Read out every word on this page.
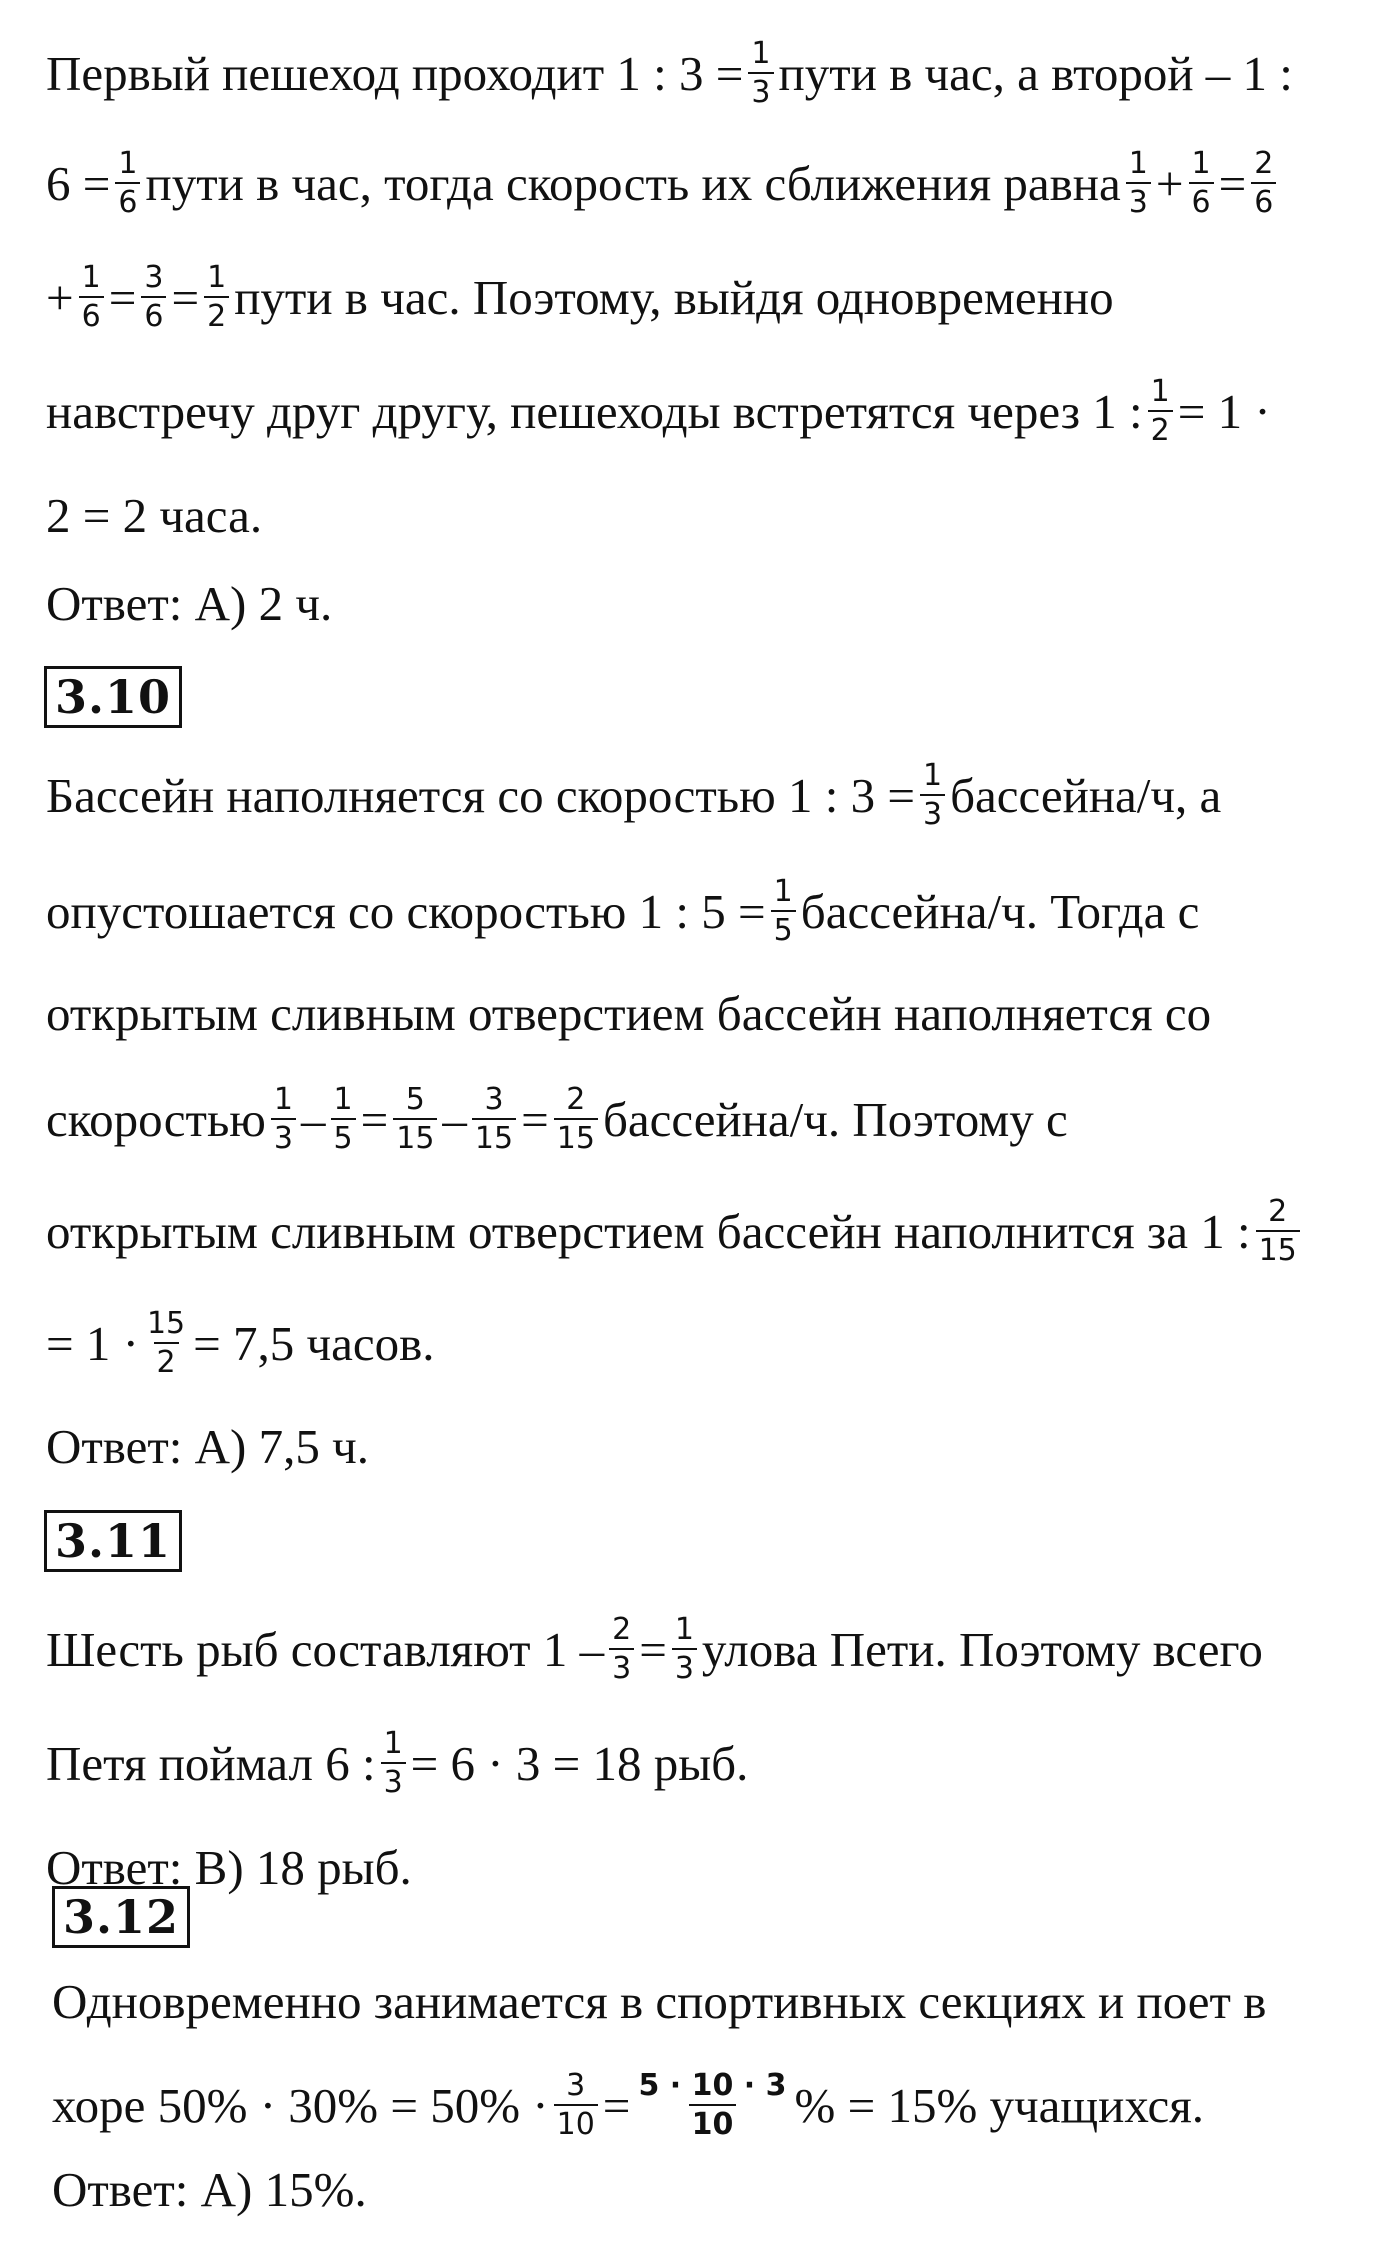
Первый пешеход проходит 1 : $3 = \frac{1}{3}$ пути в час, а второй – 1 :
$6 = \frac{1}{6}$ пути в час, тогда скорость их сближения равна $\frac{1}{3} + \frac{1}{6} = \frac{2}{6}$
+ $\frac{1}{6} = \frac{3}{6} = \frac{1}{2}$ пути в час. Поэтому, выйдя одновременно
навстречу друг другу, пешеходы встретятся через 1 : $\frac{1}{2} = 1$ ·
2 = 2 часа.
Ответ: А) 2 ч.
3.10
Бассейн наполняется со скоростью 1 : $3 = \frac{1}{3}$ бассейна/ч, а
опустошается со скоростью 1 : $5 = \frac{1}{5}$ бассейна/ч. Тогда с
открытым сливным отверстием бассейн наполняется со
скоростью $\frac{1}{3} - \frac{1}{5} = \frac{5}{15} - \frac{3}{15} = \frac{2}{15}$ бассейна/ч. Поэтому с
открытым сливным отверстием бассейн наполнится за 1 : $\frac{2}{15}$
= $1 \cdot \frac{15}{2} = 7,5$ часов.
Ответ: А) 7,5 ч.
3.11
Шесть рыб составляют $1 - \frac{2}{3} = \frac{1}{3}$ улова Пети. Поэтому всего
Петя поймал 6 : $\frac{1}{3} = 6 \cdot 3 = 18$ рыб.
Ответ: В) 18 рыб.
3.12
Одновременно занимается в спортивных секциях и поет в
хоре $50\% \cdot 30\% = 50\% \cdot \frac{3}{10} = \frac{5 \cdot 10 \cdot 3}{10}$ % = 15% учащихся.
Ответ: А) 15%.
